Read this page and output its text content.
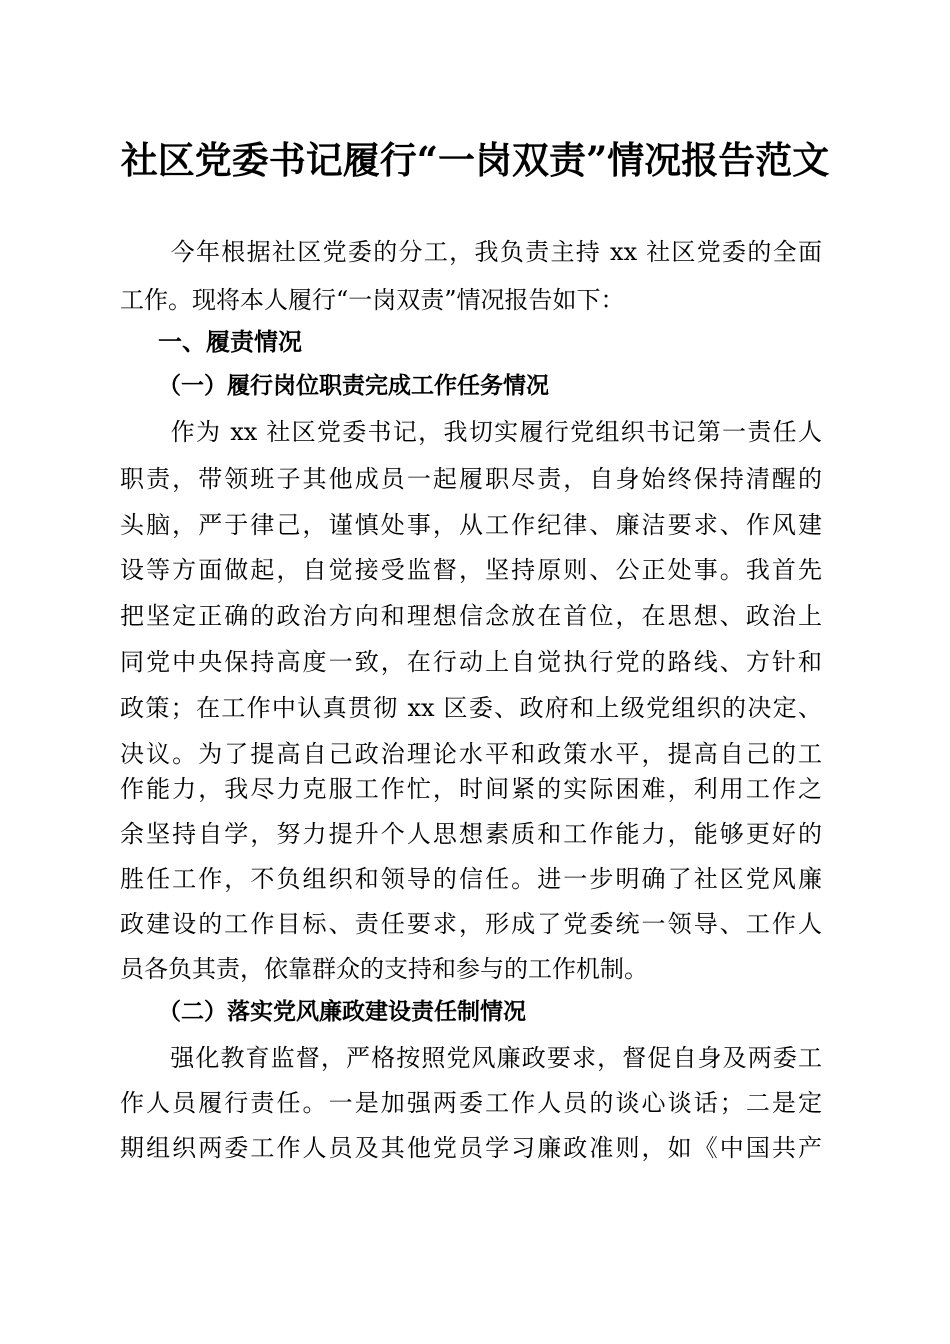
社区党委书记履行“一岗双责”情况报告范文
　　今年根据社区党委的分工，我负责主持 xx 社区党委的全面
工作。现将本人履行“一岗双责”情况报告如下：
一、履责情况
（一）履行岗位职责完成工作任务情况
　　作为 xx 社区党委书记，我切实履行党组织书记第一责任人
职责，带领班子其他成员一起履职尽责，自身始终保持清醒的
头脑，严于律己，谨慎处事，从工作纪律、廉洁要求、作风建
设等方面做起，自觉接受监督，坚持原则、公正处事。我首先
把坚定正确的政治方向和理想信念放在首位，在思想、政治上
同党中央保持高度一致，在行动上自觉执行党的路线、方针和
政策；在工作中认真贯彻 xx 区委、政府和上级党组织的决定、
决议。为了提高自己政治理论水平和政策水平，提高自己的工
作能力，我尽力克服工作忙，时间紧的实际困难，利用工作之
余坚持自学，努力提升个人思想素质和工作能力，能够更好的
胜任工作，不负组织和领导的信任。进一步明确了社区党风廉
政建设的工作目标、责任要求，形成了党委统一领导、工作人
员各负其责，依靠群众的支持和参与的工作机制。
（二）落实党风廉政建设责任制情况
　　强化教育监督，严格按照党风廉政要求，督促自身及两委工
作人员履行责任。一是加强两委工作人员的谈心谈话；二是定
期组织两委工作人员及其他党员学习廉政准则，如《中国共产
